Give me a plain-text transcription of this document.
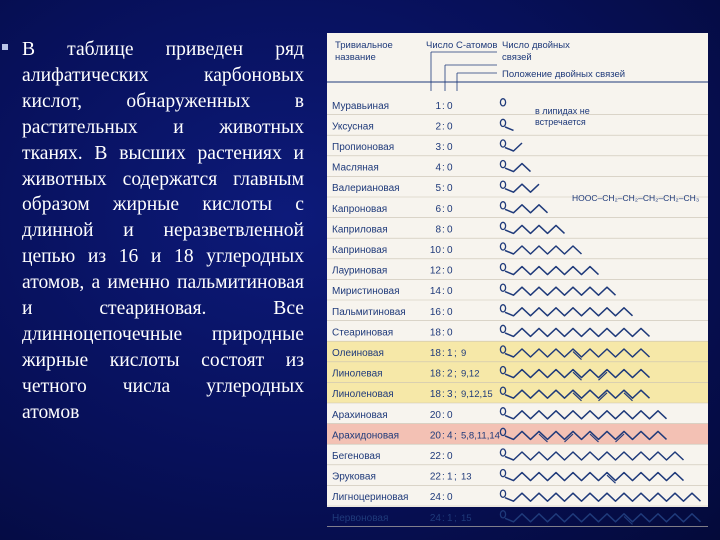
В таблице приведен ряд алифатических карбоновых кислот, обнаруженных в растительных и животных тканях. В высших растениях и животных содержатся главным образом жирные кислоты с длинной и неразветвленной цепью из 16 и 18 углеродных атомов, а именно пальмитиновая и стеариновая. Все длинноцепочечные природные жирные кислоты состоят из четного числа углеродных атомов
Тривиальное
название
Число С-атомов Число двойных
связей
Положение двойных связей
в липидах не
встречается
HOOC–CH₂–CH₂–CH₂–CH₂–CH₃
Муравьиная	1 : 0
Уксусная	2 : 0
Пропионовая	3 : 0
Масляная	4 : 0
Валериановая	5 : 0
Капроновая	6 : 0
Каприловая	8 : 0
Каприновая	10 : 0
Лауриновая	12 : 0
Миристиновая	14 : 0
Пальмитиновая 16 : 0
Стеариновая	18 : 0
Олеиновая	18 : 1 ; 9
Линолевая	18 : 2 ; 9,12
Линоленовая	18 : 3 ; 9,12,15
Арахиновая	20 : 0
Арахидоновая	20 : 4 ; 5,8,11,14
Бегеновая	22 : 0
Эруковая	22 : 1 ; 13
Лигноцериновая 24 : 0
Нервоновая	24 : 1 ; 15
